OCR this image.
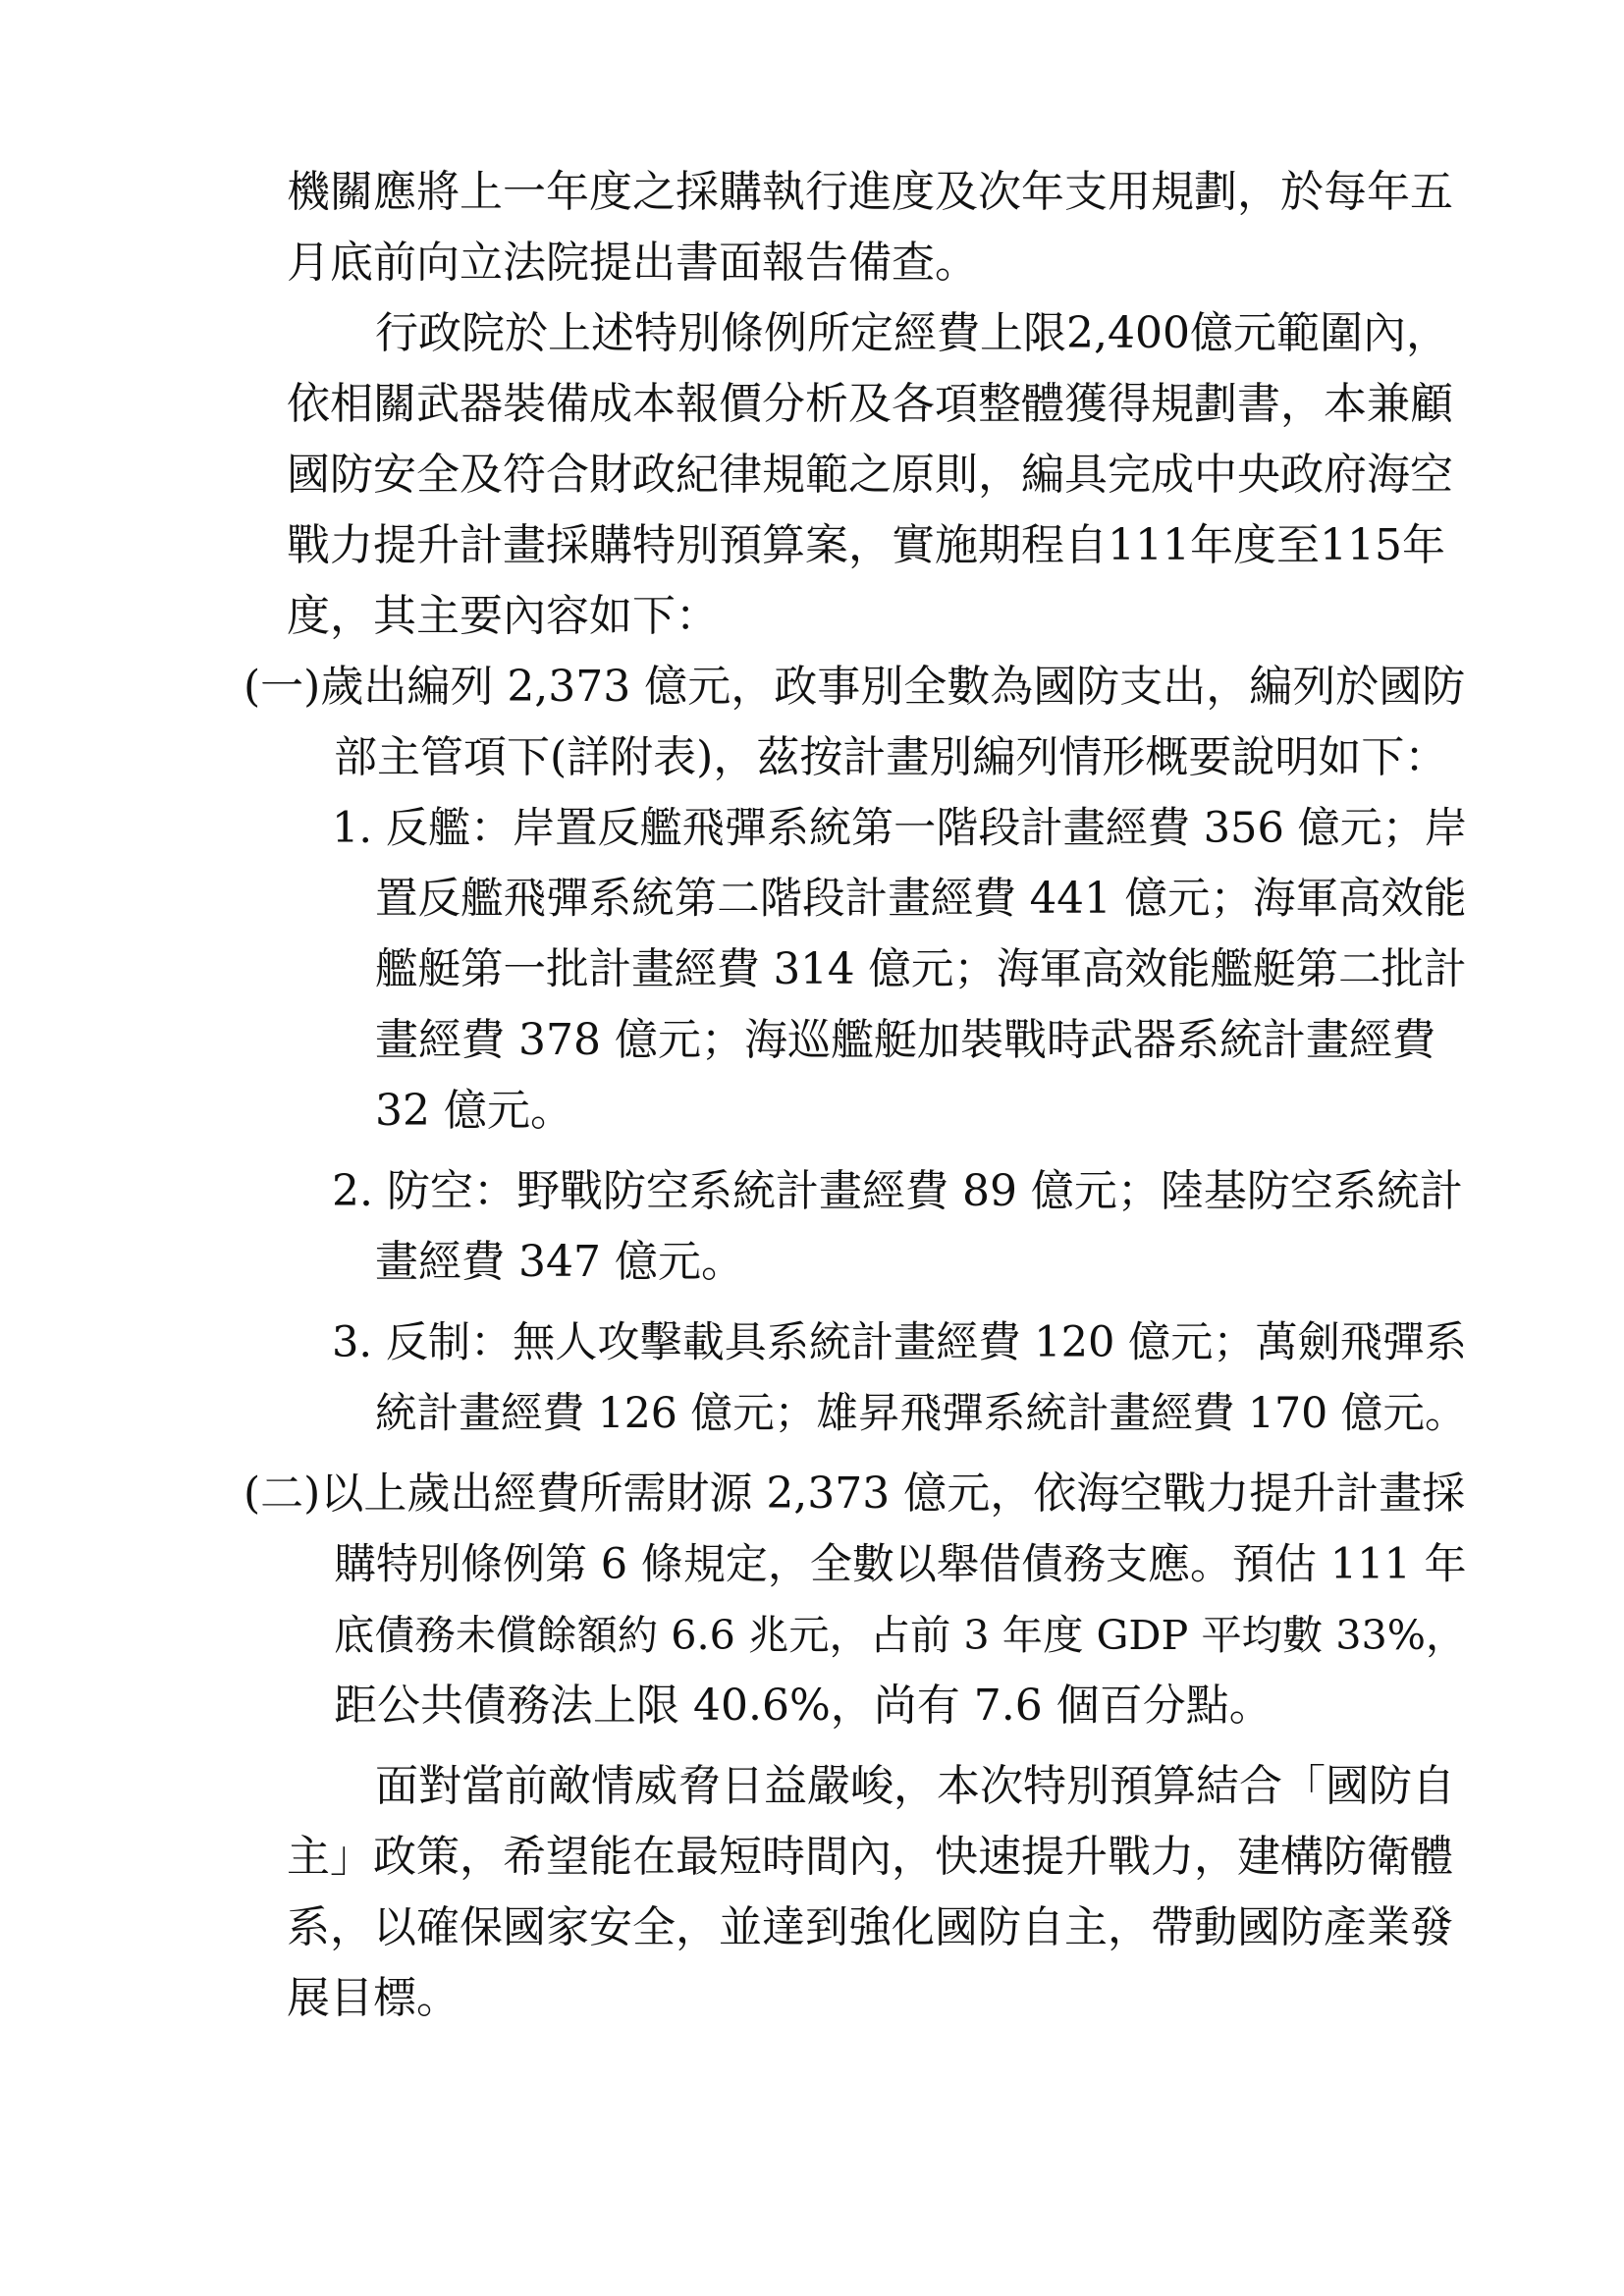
機關應將上一年度之採購執行進度及次年支用規劃，於每年五

月底前向立法院提出書面報告備查。

行政院於上述特別條例所定經費上限2,400億元範圍內，

依相關武器裝備成本報價分析及各項整體獲得規劃書，本兼顧

國防安全及符合財政紀律規範之原則，編具完成中央政府海空

戰力提升計畫採購特別預算案，實施期程自111年度至115年

度，其主要內容如下：

(一)歲出編列 2,373 億元，政事別全數為國防支出，編列於國防

部主管項下(詳附表)，茲按計畫別編列情形概要說明如下：

1. 反艦：岸置反艦飛彈系統第一階段計畫經費 356 億元；岸

置反艦飛彈系統第二階段計畫經費 441 億元；海軍高效能

艦艇第一批計畫經費 314 億元；海軍高效能艦艇第二批計

畫經費 378 億元；海巡艦艇加裝戰時武器系統計畫經費

32 億元。

2. 防空：野戰防空系統計畫經費 89 億元；陸基防空系統計

畫經費 347 億元。

3. 反制：無人攻擊載具系統計畫經費 120 億元；萬劍飛彈系

統計畫經費 126 億元；雄昇飛彈系統計畫經費 170 億元。

(二)以上歲出經費所需財源 2,373 億元，依海空戰力提升計畫採

購特別條例第 6 條規定，全數以舉借債務支應。預估 111 年

底債務未償餘額約 6.6 兆元，占前 3 年度 GDP 平均數 33%，

距公共債務法上限 40.6%，尚有 7.6 個百分點。

面對當前敵情威脅日益嚴峻，本次特別預算結合「國防自

主」政策，希望能在最短時間內，快速提升戰力，建構防衛體

系，以確保國家安全，並達到強化國防自主，帶動國防產業發

展目標。
